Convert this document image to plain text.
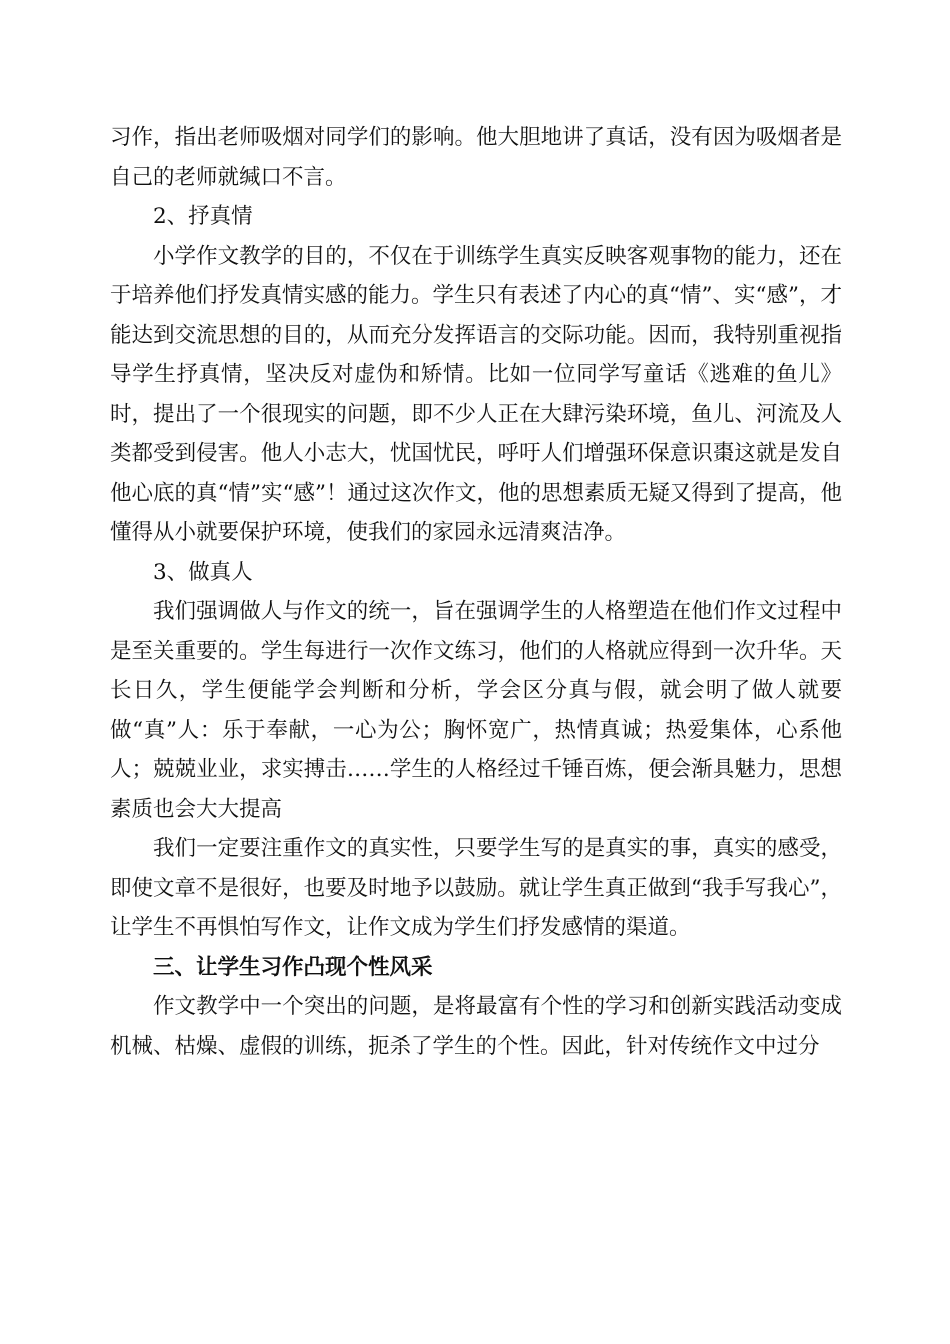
习作，指出老师吸烟对同学们的影响。他大胆地讲了真话，没有因为吸烟者是自己的老师就缄口不言。

2、抒真情

小学作文教学的目的，不仅在于训练学生真实反映客观事物的能力，还在于培养他们抒发真情实感的能力。学生只有表述了内心的真“情”、实“感”，才能达到交流思想的目的，从而充分发挥语言的交际功能。因而，我特别重视指导学生抒真情，坚决反对虚伪和矫情。比如一位同学写童话《逃难的鱼儿》时，提出了一个很现实的问题，即不少人正在大肆污染环境，鱼儿、河流及人类都受到侵害。他人小志大，忧国忧民，呼吁人们增强环保意识棗这就是发自他心底的真“情”实“感”！通过这次作文，他的思想素质无疑又得到了提高，他懂得从小就要保护环境，使我们的家园永远清爽洁净。

3、做真人

我们强调做人与作文的统一，旨在强调学生的人格塑造在他们作文过程中是至关重要的。学生每进行一次作文练习，他们的人格就应得到一次升华。天长日久，学生便能学会判断和分析，学会区分真与假，就会明了做人就要做“真”人：乐于奉献，一心为公；胸怀宽广，热情真诚；热爱集体，心系他人；兢兢业业，求实搏击……学生的人格经过千锤百炼，便会渐具魅力，思想素质也会大大提高

我们一定要注重作文的真实性，只要学生写的是真实的事，真实的感受，即使文章不是很好，也要及时地予以鼓励。就让学生真正做到“我手写我心”，让学生不再惧怕写作文，让作文成为学生们抒发感情的渠道。

三、让学生习作凸现个性风采

作文教学中一个突出的问题，是将最富有个性的学习和创新实践活动变成机械、枯燥、虚假的训练，扼杀了学生的个性。因此，针对传统作文中过分
